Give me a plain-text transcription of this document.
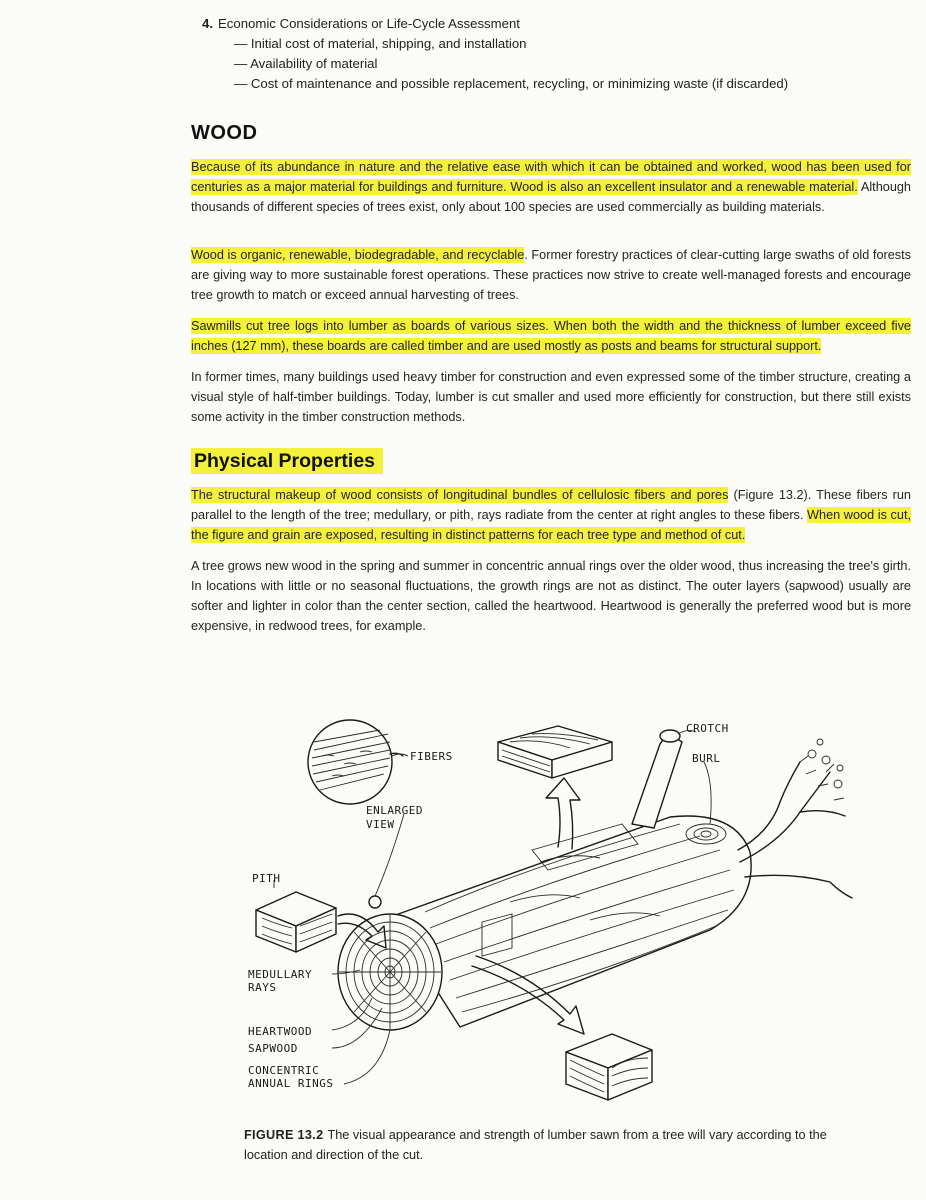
4. Economic Considerations or Life-Cycle Assessment

— Initial cost of material, shipping, and installation

— Availability of material

— Cost of maintenance and possible replacement, recycling, or minimizing waste (if discarded)

WOOD

Because of its abundance in nature and the relative ease with which it can be obtained and worked, wood has been used for centuries as a major material for buildings and furniture. Wood is also an excellent insulator and a renewable material. Although thousands of different species of trees exist, only about 100 species are used commercially as building materials.

Wood is organic, renewable, biodegradable, and recyclable. Former forestry practices of clear-cutting large swaths of old forests are giving way to more sustainable forest operations. These practices now strive to create well-managed forests and encourage tree growth to match or exceed annual harvesting of trees.

Sawmills cut tree logs into lumber as boards of various sizes. When both the width and the thickness of lumber exceed five inches (127 mm), these boards are called timber and are used mostly as posts and beams for structural support.

In former times, many buildings used heavy timber for construction and even expressed some of the timber structure, creating a visual style of half-timber buildings. Today, lumber is cut smaller and used more efficiently for construction, but there still exists some activity in the timber construction methods.

Physical Properties

The structural makeup of wood consists of longitudinal bundles of cellulosic fibers and pores (Figure 13.2). These fibers run parallel to the length of the tree; medullary, or pith, rays radiate from the center at right angles to these fibers. When wood is cut, the figure and grain are exposed, resulting in distinct patterns for each tree type and method of cut.

A tree grows new wood in the spring and summer in concentric annual rings over the older wood, thus increasing the tree's girth. In locations with little or no seasonal fluctuations, the growth rings are not as distinct. The outer layers (sapwood) usually are softer and lighter in color than the center section, called the heartwood. Heartwood is generally the preferred wood but is more expensive, in redwood trees, for example.

FIBERS
ENLARGED
VIEW
CROTCH
BURL
PITH
MEDULLARY
RAYS
HEARTWOOD
SAPWOOD
CONCENTRIC
ANNUAL RINGS

FIGURE 13.2 The visual appearance and strength of lumber sawn from a tree will vary according to the location and direction of the cut.
